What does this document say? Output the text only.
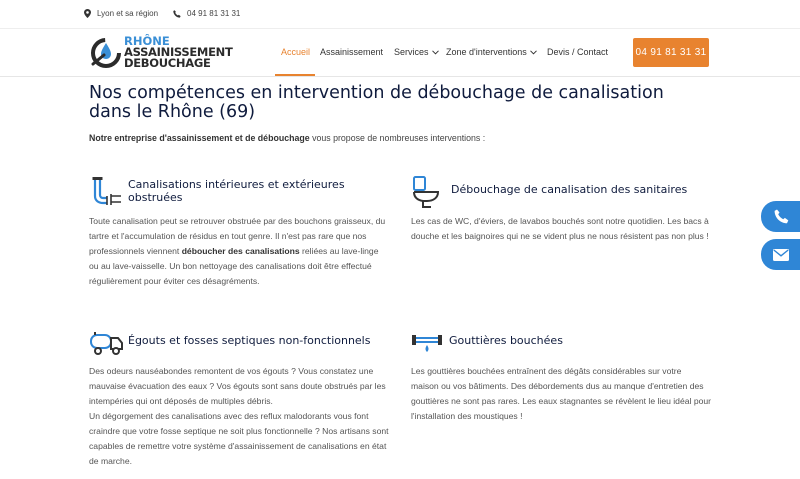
Lyon et sa région	04 91 81 31 31
RHÔNE
ASSAINISSEMENT
DEBOUCHAGE
Accueil Assainissement Services Zone d'interventions Devis / Contact	04 91 81 31 31
Nos compétences en intervention de débouchage de canalisation dans le Rhône (69)

Notre entreprise d'assainissement et de débouchage vous propose de nombreuses interventions :

Canalisations intérieures et extérieures obstruées

Toute canalisation peut se retrouver obstruée par des bouchons graisseux, du tartre et l'accumulation de résidus en tout genre. Il n'est pas rare que nos professionnels viennent déboucher des canalisations reliées au lave-linge ou au lave-vaisselle. Un bon nettoyage des canalisations doit être effectué régulièrement pour éviter ces désagréments.

Débouchage de canalisation des sanitaires

Les cas de WC, d'éviers, de lavabos bouchés sont notre quotidien. Les bacs à douche et les baignoires qui ne se vident plus ne nous résistent pas non plus !

Égouts et fosses septiques non-fonctionnels

Des odeurs nauséabondes remontent de vos égouts ? Vous constatez une mauvaise évacuation des eaux ? Vos égouts sont sans doute obstrués par les intempéries qui ont déposés de multiples débris.
Un dégorgement des canalisations avec des reflux malodorants vous font craindre que votre fosse septique ne soit plus fonctionnelle ? Nos artisans sont capables de remettre votre système d'assainissement de canalisations en état de marche.

Gouttières bouchées

Les gouttières bouchées entraînent des dégâts considérables sur votre maison ou vos bâtiments. Des débordements dus au manque d'entretien des gouttières ne sont pas rares. Les eaux stagnantes se révèlent le lieu idéal pour l'installation des moustiques !
